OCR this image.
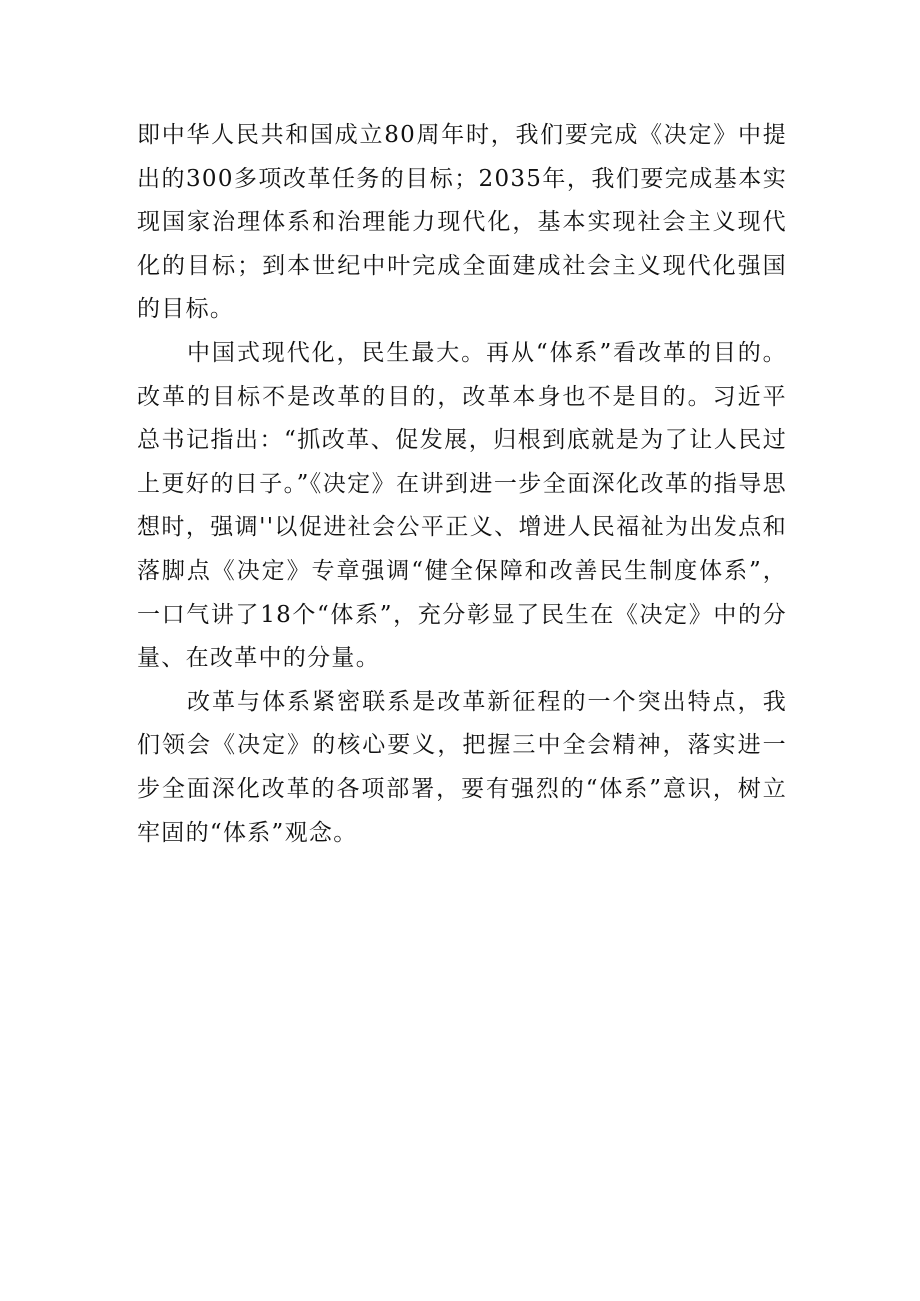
即中华人民共和国成立80周年时，我们要完成《决定》中提出的300多项改革任务的目标；2035年，我们要完成基本实现国家治理体系和治理能力现代化，基本实现社会主义现代化的目标；到本世纪中叶完成全面建成社会主义现代化强国的目标。

中国式现代化，民生最大。再从“体系”看改革的目的。改革的目标不是改革的目的，改革本身也不是目的。习近平总书记指出：“抓改革、促发展，归根到底就是为了让人民过上更好的日子。”《决定》在讲到进一步全面深化改革的指导思想时，强调''以促进社会公平正义、增进人民福祉为出发点和落脚点《决定》专章强调“健全保障和改善民生制度体系”，一口气讲了18个“体系”，充分彰显了民生在《决定》中的分量、在改革中的分量。

改革与体系紧密联系是改革新征程的一个突出特点，我们领会《决定》的核心要义，把握三中全会精神，落实进一步全面深化改革的各项部署，要有强烈的“体系”意识，树立牢固的“体系”观念。
